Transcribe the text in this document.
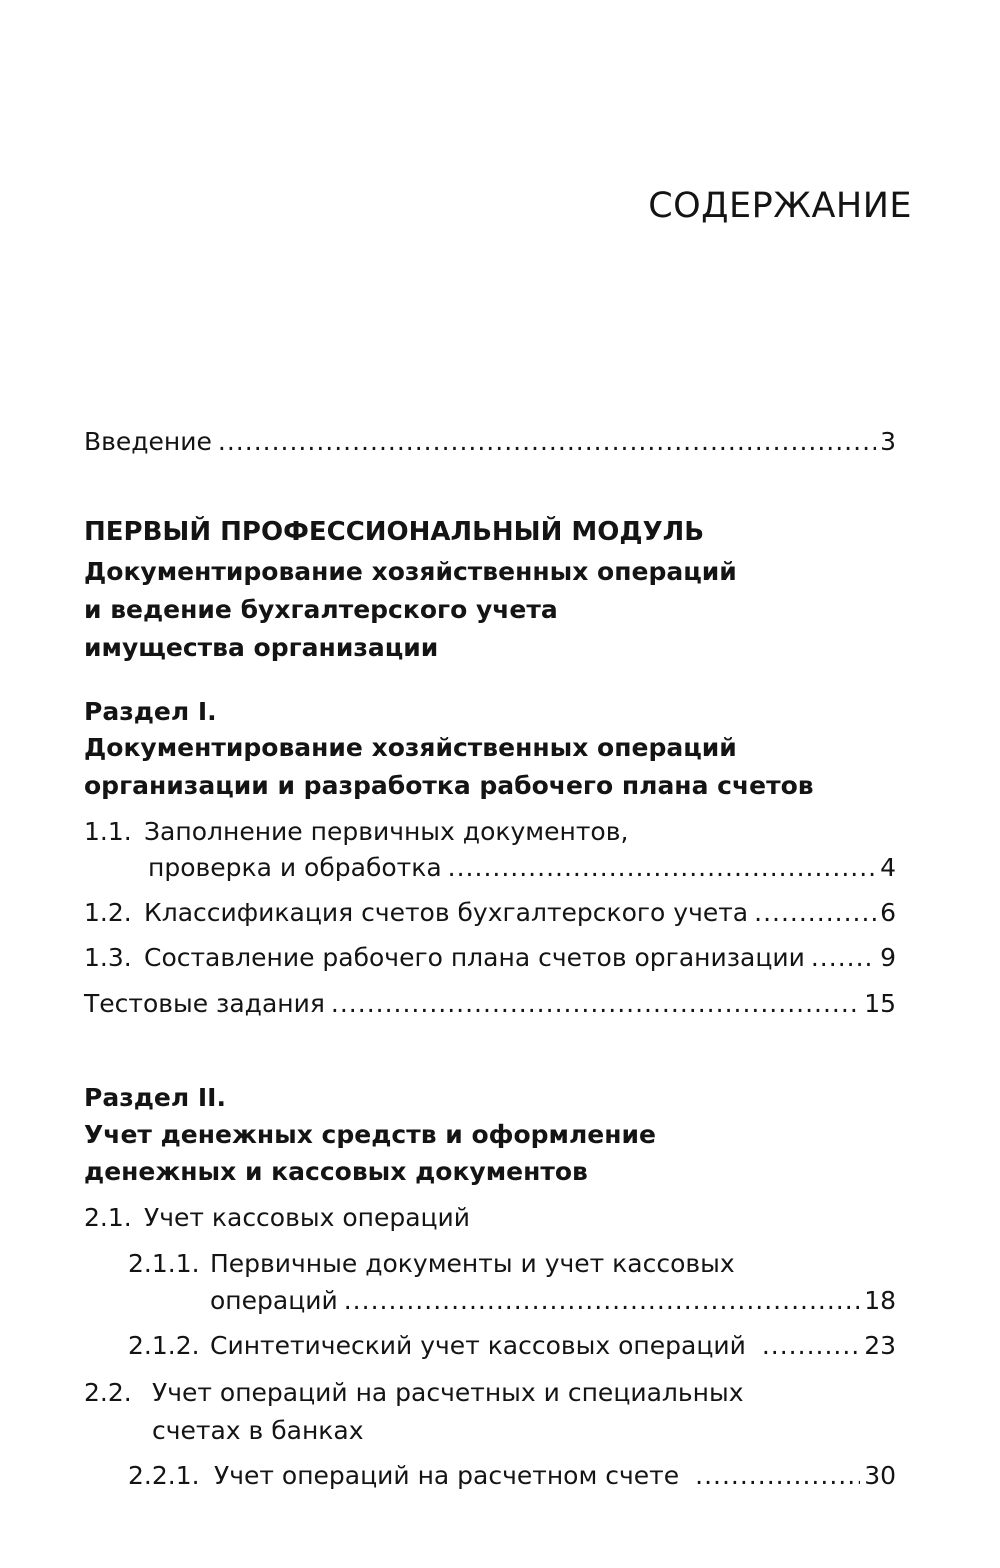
СОДЕРЖАНИЕ
Введение .....	3
ПЕРВЫЙ ПРОФЕССИОНАЛЬНЫЙ МОДУЛЬ
Документирование хозяйственных операций
и ведение бухгалтерского учета
имущества организации
Раздел I.
Документирование хозяйственных операций
организации и разработка рабочего плана счетов
1.1. Заполнение первичных документов,
проверка и обработка .....	4
1.2. Классификация счетов бухгалтерского учета .....	6
1.3. Составление рабочего плана счетов организации .....	9
Тестовые задания .....	15
Раздел II.
Учет денежных средств и оформление
денежных и кассовых документов
2.1. Учет кассовых операций
2.1.1. Первичные документы и учет кассовых
операций .....	18
2.1.2. Синтетический учет кассовых операций .....	23
2.2. Учет операций на расчетных и специальных
счетах в банках
2.2.1. Учет операций на расчетном счете .....	30
